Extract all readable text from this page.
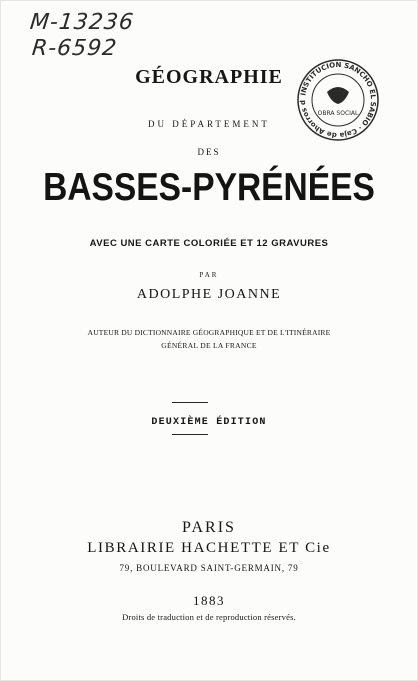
M-13236
R-6592
INSTITUCION SANCHO EL SABIO · Caja de Ahorros d
OBRA SOCIAL
GÉOGRAPHIE
DU DÉPARTEMENT
DES
BASSES-PYRÉNÉES
AVEC UNE CARTE COLORIÉE ET 12 GRAVURES
PAR
ADOLPHE JOANNE
AUTEUR DU DICTIONNAIRE GÉOGRAPHIQUE ET DE L'ITINÉRAIRE
GÉNÉRAL DE LA FRANCE
DEUXIÈME ÉDITION
PARIS
LIBRAIRIE HACHETTE ET Cie
79, BOULEVARD SAINT-GERMAIN, 79
1883
Droits de traduction et de reproduction réservés.
